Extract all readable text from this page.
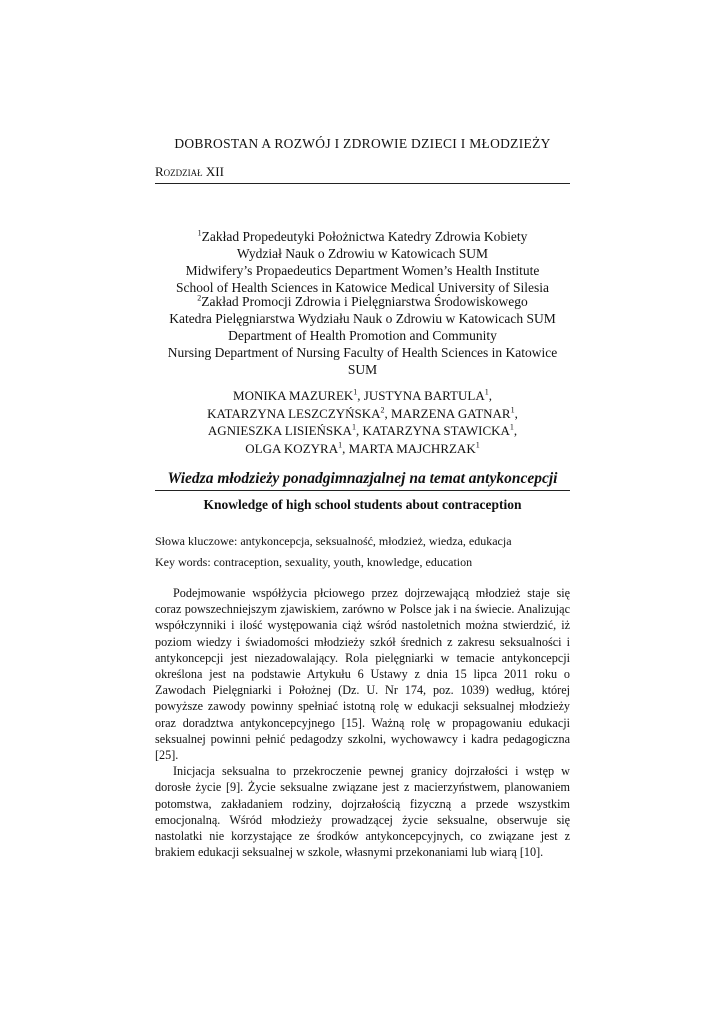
DOBROSTAN A ROZWÓJ I ZDROWIE DZIECI I MŁODZIEŻY
Rozdział XII
$^1$Zakład Propedeutyki Położnictwa Katedry Zdrowia Kobiety
Wydział Nauk o Zdrowiu w Katowicach SUM
Midwifery’s Propaedeutics Department Women’s Health Institute
School of Health Sciences in Katowice Medical University of Silesia
$^2$Zakład Promocji Zdrowia i Pielęgniarstwa Środowiskowego
Katedra Pielęgniarstwa Wydziału Nauk o Zdrowiu w Katowicach SUM
Department of Health Promotion and Community
Nursing Department of Nursing Faculty of Health Sciences in Katowice
SUM
MONIKA MAZUREK$^1$, JUSTYNA BARTULA$^1$,
KATARZYNA LESZCZYŃSKA$^2$, MARZENA GATNAR$^1$,
AGNIESZKA LISIEŃSKA$^1$, KATARZYNA STAWICKA$^1$,
OLGA KOZYRA$^1$, MARTA MAJCHRZAK$^1$
Wiedza młodzieży ponadgimnazjalnej na temat antykoncepcji
Knowledge of high school students about contraception
Słowa kluczowe: antykoncepcja, seksualność, młodzież, wiedza, edukacja
Key words: contraception, sexuality, youth, knowledge, education

Podejmowanie współżycia płciowego przez dojrzewającą młodzież staje się coraz powszechniejszym zjawiskiem, zarówno w Polsce jak i na świecie. Analizując współczynniki i ilość występowania ciąż wśród nastoletnich można stwierdzić, iż poziom wiedzy i świadomości młodzieży szkół średnich z zakresu seksualności i antykoncepcji jest niezadowalający. Rola pielęgniarki w temacie antykoncepcji określona jest na podstawie Artykułu 6 Ustawy z dnia 15 lipca 2011 roku o Zawodach Pielęgniarki i Położnej (Dz. U. Nr 174, poz. 1039) według, której powyższe zawody powinny spełniać istotną rolę w edukacji seksualnej młodzieży oraz doradztwa antykoncepcyjnego [15]. Ważną rolę w propagowaniu edukacji seksualnej powinni pełnić pedagodzy szkolni, wychowawcy i kadra pedagogiczna [25].

Inicjacja seksualna to przekroczenie pewnej granicy dojrzałości i wstęp w dorosłe życie [9]. Życie seksualne związane jest z macierzyństwem, planowaniem potomstwa, zakładaniem rodziny, dojrzałością fizyczną a przede wszystkim emocjonalną. Wśród młodzieży prowadzącej życie seksualne, obserwuje się nastolatki nie korzystające ze środków antykoncepcyjnych, co związane jest z brakiem edukacji seksualnej w szkole, własnymi przekonaniami lub wiarą [10].
